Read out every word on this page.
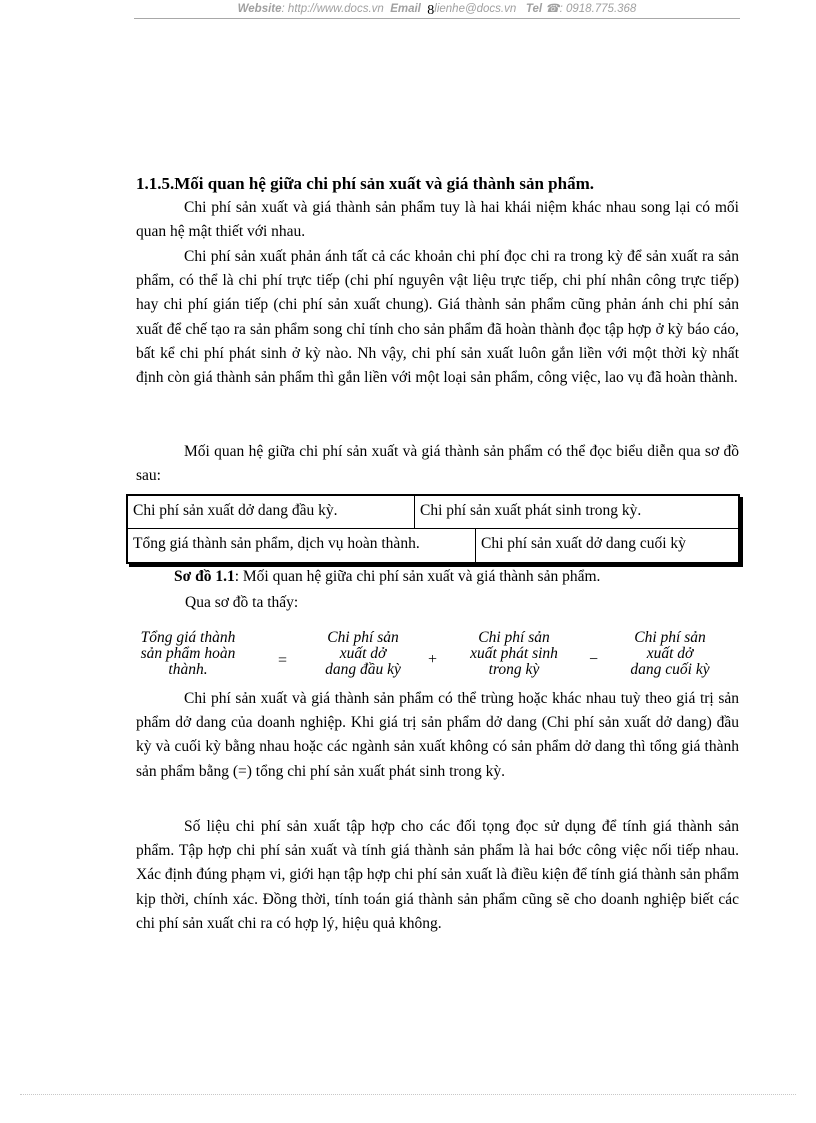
Website: http://www.docs.vn Email 8lienhe@docs.vn Tel ☎: 0918.775.368
1.1.5.Mối quan hệ giữa chi phí sản xuất và giá thành sản phẩm.

Chi phí sản xuất và giá thành sản phẩm tuy là hai khái niệm khác nhau song lại có mối quan hệ mật thiết với nhau.

Chi phí sản xuất phản ánh tất cả các khoản chi phí đọc chi ra trong kỳ để sản xuất ra sản phẩm, có thể là chi phí trực tiếp (chi phí nguyên vật liệu trực tiếp, chi phí nhân công trực tiếp) hay chi phí gián tiếp (chi phí sản xuất chung). Giá thành sản phẩm cũng phản ánh chi phí sản xuất để chế tạo ra sản phẩm song chỉ tính cho sản phẩm đã hoàn thành đọc tập hợp ở kỳ báo cáo, bất kể chi phí phát sinh ở kỳ nào. Nh vậy, chi phí sản xuất luôn gắn liền với một thời kỳ nhất định còn giá thành sản phẩm thì gắn liền với một loại sản phẩm, công việc, lao vụ đã hoàn thành.

Mối quan hệ giữa chi phí sản xuất và giá thành sản phẩm có thể đọc biểu diễn qua sơ đồ sau:

Chi phí sản xuất dở dang đầu kỳ.	Chi phí sản xuất phát sinh trong kỳ.
Tổng giá thành sản phẩm, dịch vụ hoàn thành.	Chi phí sản xuất dở dang cuối kỳ
Sơ đồ 1.1: Mối quan hệ giữa chi phí sản xuất và giá thành sản phẩm.
Qua sơ đồ ta thấy:
Tổng giá thành
sản phẩm hoàn
thành.
=
Chi phí sản
xuất dở
dang đầu kỳ
+
Chi phí sản
xuất phát sinh
trong kỳ
−
Chi phí sản
xuất dở
dang cuối kỳ

Chi phí sản xuất và giá thành sản phẩm có thể trùng hoặc khác nhau tuỳ theo giá trị sản phẩm dở dang của doanh nghiệp. Khi giá trị sản phẩm dở dang (Chi phí sản xuất dở dang) đầu kỳ và cuối kỳ bằng nhau hoặc các ngành sản xuất không có sản phẩm dở dang thì tổng giá thành sản phẩm bằng (=) tổng chi phí sản xuất phát sinh trong kỳ.

Số liệu chi phí sản xuất tập hợp cho các đối tọng đọc sử dụng để tính giá thành sản phẩm. Tập hợp chi phí sản xuất và tính giá thành sản phẩm là hai bớc công việc nối tiếp nhau. Xác định đúng phạm vi, giới hạn tập hợp chi phí sản xuất là điều kiện để tính giá thành sản phẩm kịp thời, chính xác. Đồng thời, tính toán giá thành sản phẩm cũng sẽ cho doanh nghiệp biết các chi phí sản xuất chi ra có hợp lý, hiệu quả không.
